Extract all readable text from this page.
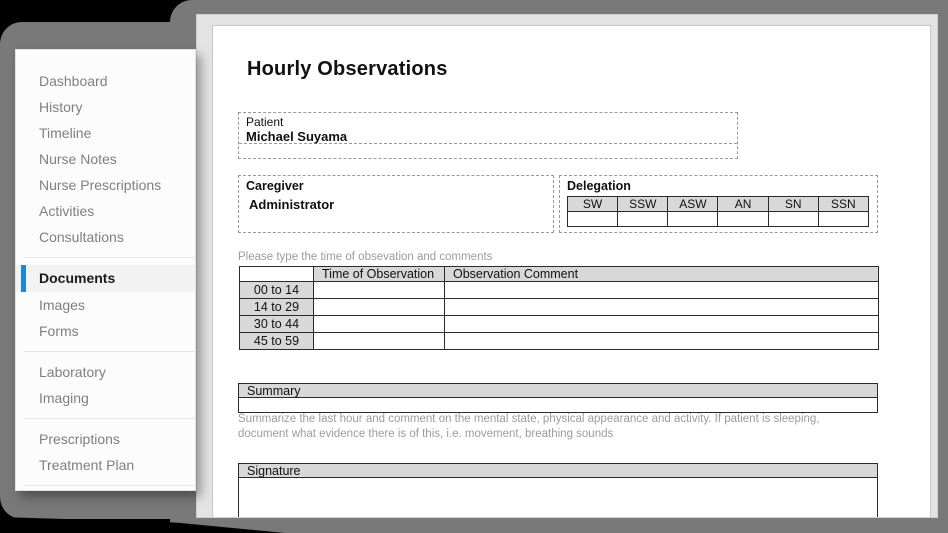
Hourly Observations
Patient
Michael Suyama
Caregiver
Administrator
Delegation
SW	SSW	ASW	AN	SN	SSN

Please type the time of obsevation and comments
	Time of Observation	Observation Comment
00 to 14		
14 to 29		
30 to 44		
45 to 59		
Summary
Summarize the last hour and comment on the mental state, physical appearance and activity. If patient is sleeping, document what evidence there is of this, i.e. movement, breathing sounds
Signature
Dashboard
History
Timeline
Nurse Notes
Nurse Prescriptions
Activities
Consultations
Documents
Images
Forms
Laboratory
Imaging
Prescriptions
Treatment Plan
